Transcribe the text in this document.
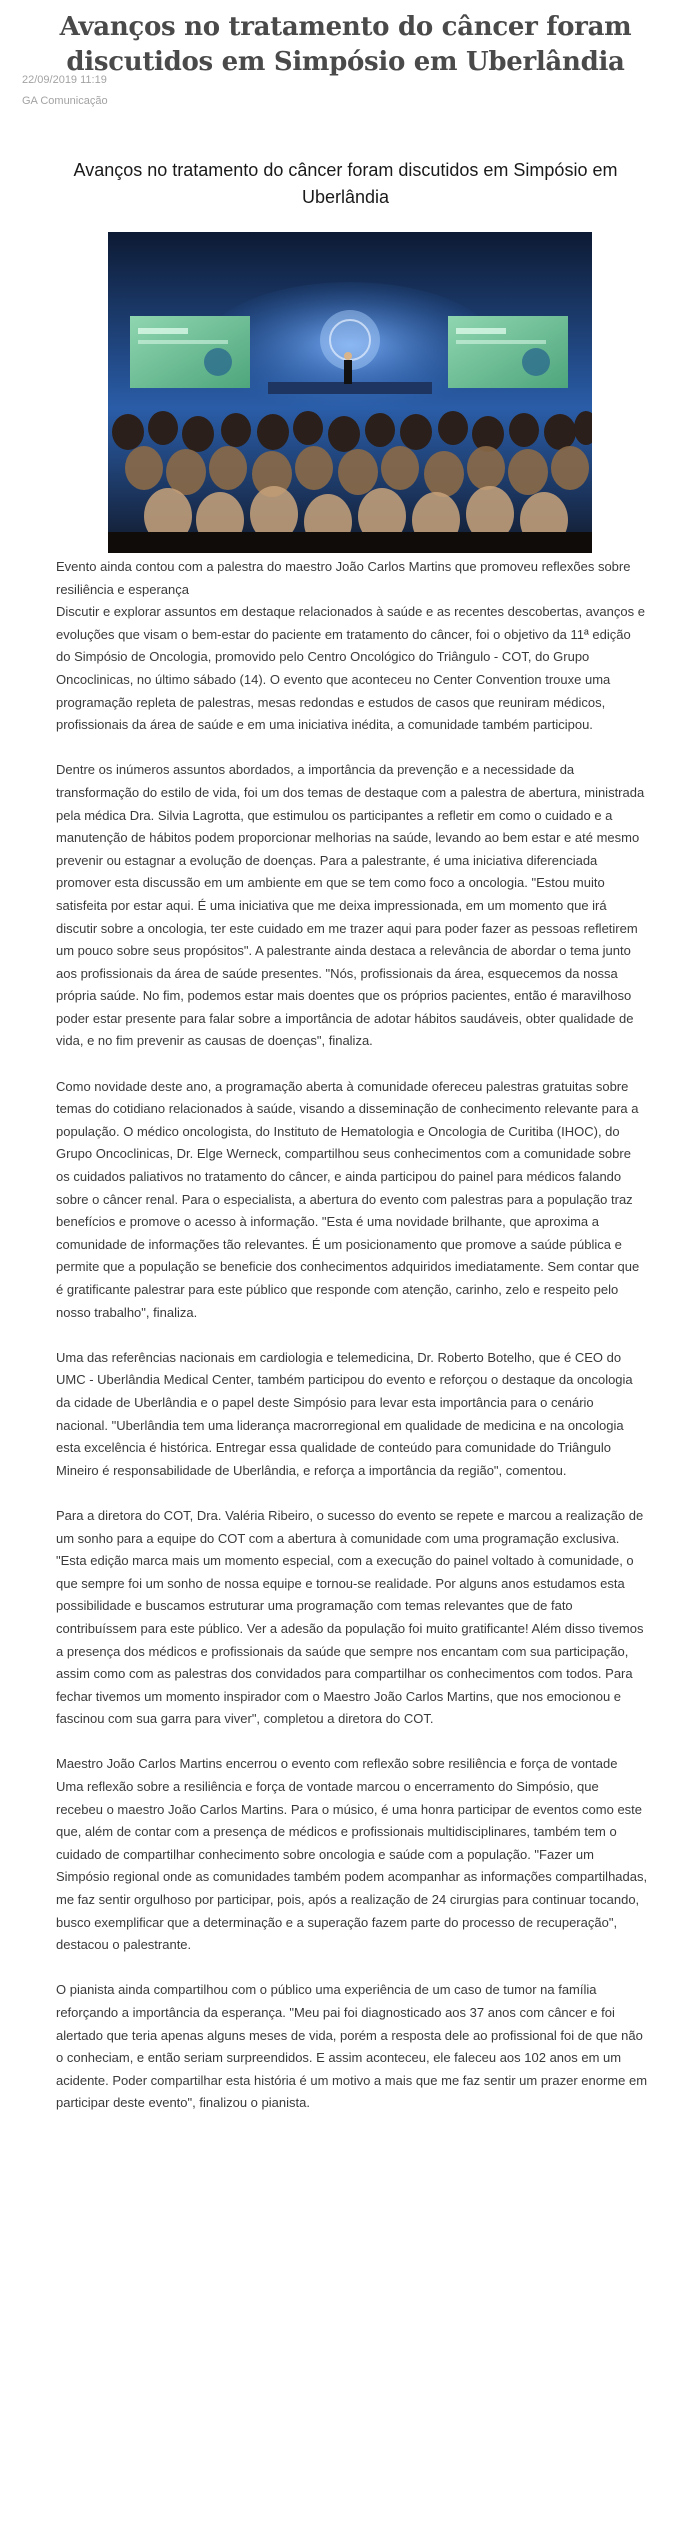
Avanços no tratamento do câncer foram discutidos em Simpósio em Uberlândia
22/09/2019 11:19
GA Comunicação
Avanços no tratamento do câncer foram discutidos em Simpósio em Uberlândia

Evento ainda contou com a palestra do maestro João Carlos Martins que promoveu reflexões sobre resiliência e esperança

Discutir e explorar assuntos em destaque relacionados à saúde e as recentes descobertas, avanços e evoluções que visam o bem-estar do paciente em tratamento do câncer, foi o objetivo da 11ª edição do Simpósio de Oncologia, promovido pelo Centro Oncológico do Triângulo - COT, do Grupo Oncoclinicas, no último sábado (14). O evento que aconteceu no Center Convention trouxe uma programação repleta de palestras, mesas redondas e estudos de casos que reuniram médicos, profissionais da área de saúde e em uma iniciativa inédita, a comunidade também participou.

Dentre os inúmeros assuntos abordados, a importância da prevenção e a necessidade da transformação do estilo de vida, foi um dos temas de destaque com a palestra de abertura, ministrada pela médica Dra. Silvia Lagrotta, que estimulou os participantes a refletir em como o cuidado e a manutenção de hábitos podem proporcionar melhorias na saúde, levando ao bem estar e até mesmo prevenir ou estagnar a evolução de doenças. Para a palestrante, é uma iniciativa diferenciada promover esta discussão em um ambiente em que se tem como foco a oncologia. "Estou muito satisfeita por estar aqui. É uma iniciativa que me deixa impressionada, em um momento que irá discutir sobre a oncologia, ter este cuidado em me trazer aqui para poder fazer as pessoas refletirem um pouco sobre seus propósitos". A palestrante ainda destaca a relevância de abordar o tema junto aos profissionais da área de saúde presentes. "Nós, profissionais da área, esquecemos da nossa própria saúde. No fim, podemos estar mais doentes que os próprios pacientes, então é maravilhoso poder estar presente para falar sobre a importância de adotar hábitos saudáveis, obter qualidade de vida, e no fim prevenir as causas de doenças", finaliza.

Como novidade deste ano, a programação aberta à comunidade ofereceu palestras gratuitas sobre temas do cotidiano relacionados à saúde, visando a disseminação de conhecimento relevante para a população. O médico oncologista, do Instituto de Hematologia e Oncologia de Curitiba (IHOC), do Grupo Oncoclinicas, Dr. Elge Werneck, compartilhou seus conhecimentos com a comunidade sobre os cuidados paliativos no tratamento do câncer, e ainda participou do painel para médicos falando sobre o câncer renal. Para o especialista, a abertura do evento com palestras para a população traz benefícios e promove o acesso à informação. "Esta é uma novidade brilhante, que aproxima a comunidade de informações tão relevantes. É um posicionamento que promove a saúde pública e permite que a população se beneficie dos conhecimentos adquiridos imediatamente. Sem contar que é gratificante palestrar para este público que responde com atenção, carinho, zelo e respeito pelo nosso trabalho", finaliza.

Uma das referências nacionais em cardiologia e telemedicina, Dr. Roberto Botelho, que é CEO do UMC - Uberlândia Medical Center, também participou do evento e reforçou o destaque da oncologia da cidade de Uberlândia e o papel deste Simpósio para levar esta importância para o cenário nacional. "Uberlândia tem uma liderança macrorregional em qualidade de medicina e na oncologia esta excelência é histórica. Entregar essa qualidade de conteúdo para comunidade do Triângulo Mineiro é responsabilidade de Uberlândia, e reforça a importância da região", comentou.

Para a diretora do COT, Dra. Valéria Ribeiro, o sucesso do evento se repete e marcou a realização de um sonho para a equipe do COT com a abertura à comunidade com uma programação exclusiva. "Esta edição marca mais um momento especial, com a execução do painel voltado à comunidade, o que sempre foi um sonho de nossa equipe e tornou-se realidade. Por alguns anos estudamos esta possibilidade e buscamos estruturar uma programação com temas relevantes que de fato contribuíssem para este público. Ver a adesão da população foi muito gratificante! Além disso tivemos a presença dos médicos e profissionais da saúde que sempre nos encantam com sua participação, assim como com as palestras dos convidados para compartilhar os conhecimentos com todos. Para fechar tivemos um momento inspirador com o Maestro João Carlos Martins, que nos emocionou e fascinou com sua garra para viver", completou a diretora do COT.

Maestro João Carlos Martins encerrou o evento com reflexão sobre resiliência e força de vontade

Uma reflexão sobre a resiliência e força de vontade marcou o encerramento do Simpósio, que recebeu o maestro João Carlos Martins. Para o músico, é uma honra participar de eventos como este que, além de contar com a presença de médicos e profissionais multidisciplinares, também tem o cuidado de compartilhar conhecimento sobre oncologia e saúde com a população. "Fazer um Simpósio regional onde as comunidades também podem acompanhar as informações compartilhadas, me faz sentir orgulhoso por participar, pois, após a realização de 24 cirurgias para continuar tocando, busco exemplificar que a determinação e a superação fazem parte do processo de recuperação", destacou o palestrante.

O pianista ainda compartilhou com o público uma experiência de um caso de tumor na família reforçando a importância da esperança. "Meu pai foi diagnosticado aos 37 anos com câncer e foi alertado que teria apenas alguns meses de vida, porém a resposta dele ao profissional foi de que não o conheciam, e então seriam surpreendidos. E assim aconteceu, ele faleceu aos 102 anos em um acidente. Poder compartilhar esta história é um motivo a mais que me faz sentir um prazer enorme em participar deste evento", finalizou o pianista.
